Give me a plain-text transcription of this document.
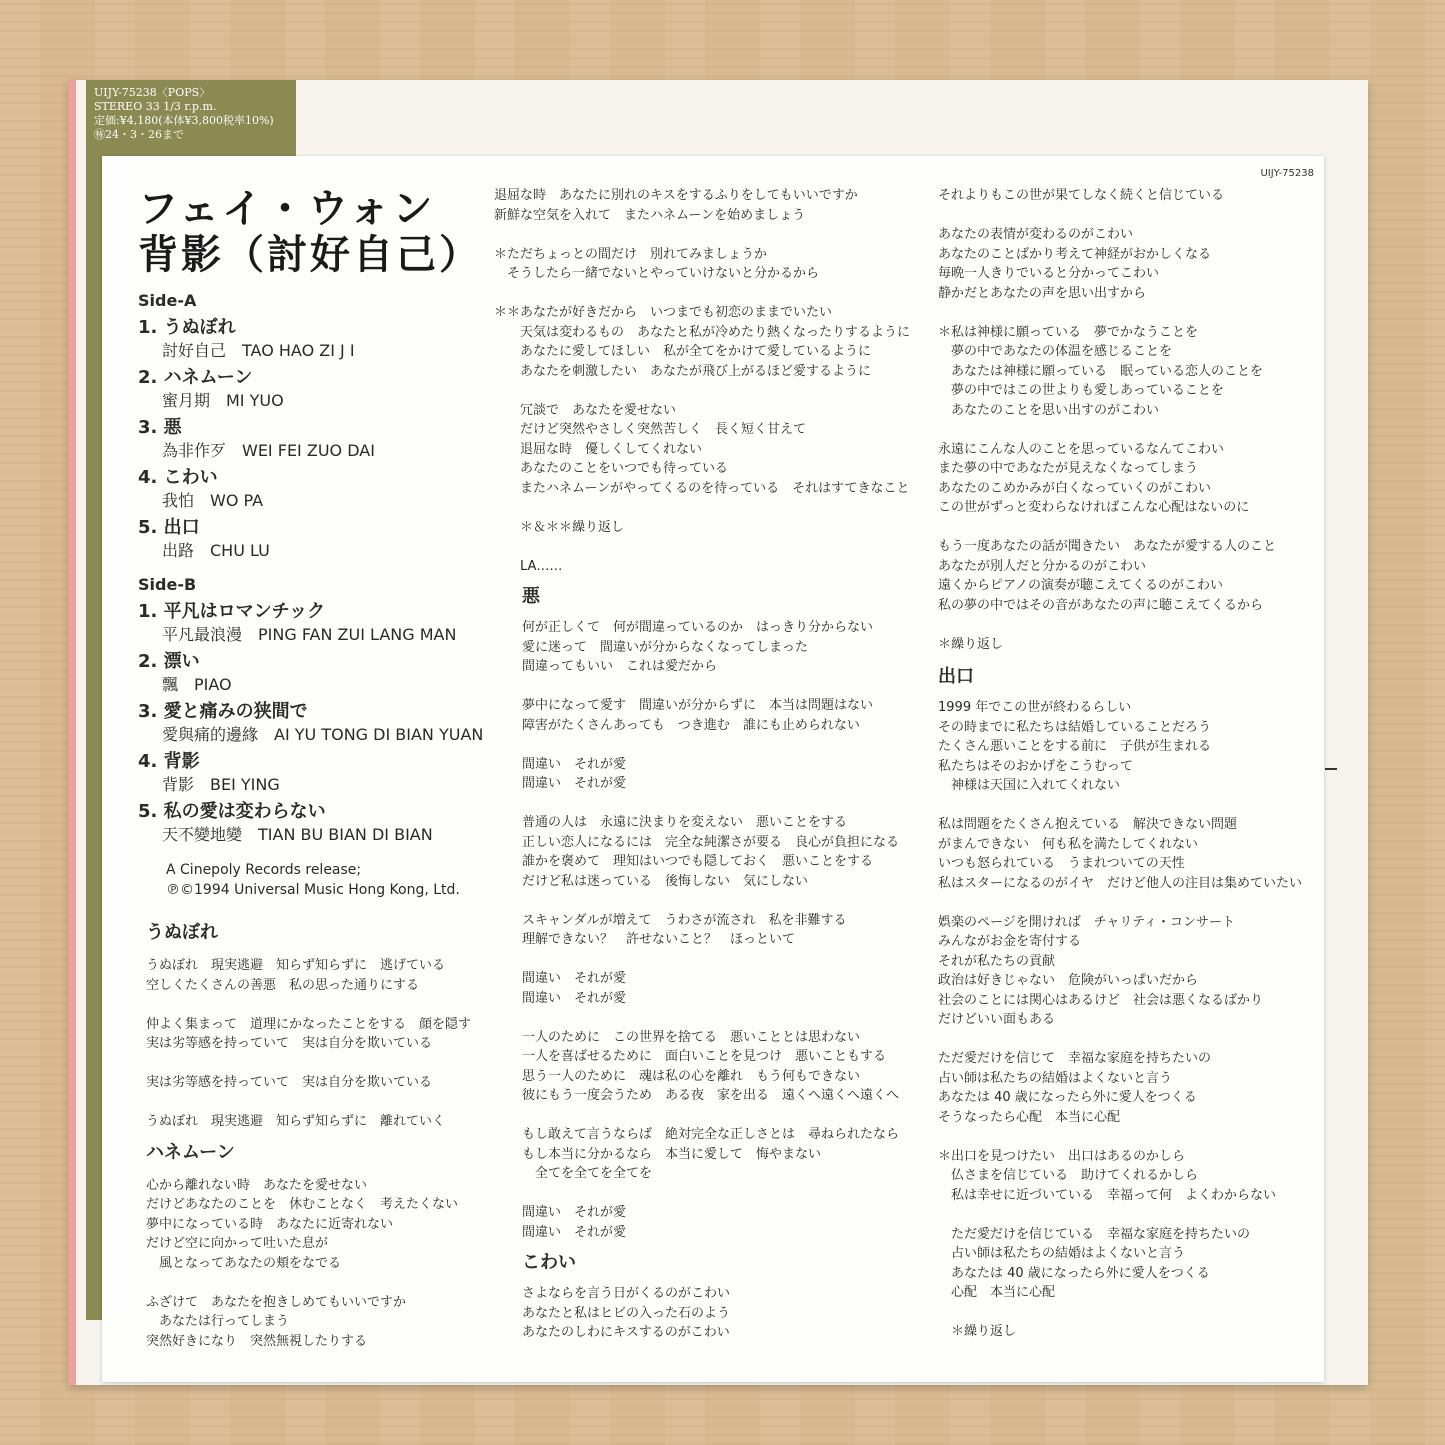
UIJY-75238〈POPS〉
STEREO 33 1/3 r.p.m.
定価:¥4,180(本体¥3,800税率10%)
㊕24・3・26まで
UIJY-75238
フェイ・ウォン
背影（討好自己）
Side-A
1. うぬぼれ
討好自己　TAO HAO ZI J I
2. ハネムーン
蜜月期　MI YUO
3. 悪
為非作歹　WEI FEI ZUO DAI
4. こわい
我怕　WO PA
5. 出口
出路　CHU LU
Side-B
1. 平凡はロマンチック
平凡最浪漫　PING FAN ZUI LANG MAN
2. 漂い
飄　PIAO
3. 愛と痛みの狭間で
愛與痛的邊緣　AI YU TONG DI BIAN YUAN
4. 背影
背影　BEI YING
5. 私の愛は変わらない
天不變地變　TIAN BU BIAN DI BIAN
A Cinepoly Records release;
℗©1994 Universal Music Hong Kong, Ltd.
うぬぼれ
うぬぼれ　現実逃避　知らず知らずに　逃げている
空しくたくさんの善悪　私の思った通りにする
仲よく集まって　道理にかなったことをする　顔を隠す
実は劣等感を持っていて　実は自分を欺いている
実は劣等感を持っていて　実は自分を欺いている
うぬぼれ　現実逃避　知らず知らずに　離れていく
ハネムーン
心から離れない時　あなたを愛せない
だけどあなたのことを　休むことなく　考えたくない
夢中になっている時　あなたに近寄れない
だけど空に向かって吐いた息が
　風となってあなたの頬をなでる
ふざけて　あなたを抱きしめてもいいですか
　あなたは行ってしまう
突然好きになり　突然無視したりする
退屈な時　あなたに別れのキスをするふりをしてもいいですか
新鮮な空気を入れて　またハネムーンを始めましょう
＊ただちょっとの間だけ　別れてみましょうか
　そうしたら一緒でないとやっていけないと分かるから
＊＊あなたが好きだから　いつまでも初恋のままでいたい
　　天気は変わるもの　あなたと私が冷めたり熱くなったりするように
　　あなたに愛してほしい　私が全てをかけて愛しているように
　　あなたを刺激したい　あなたが飛び上がるほど愛するように
　　冗談で　あなたを愛せない
　　だけど突然やさしく突然苦しく　長く短く甘えて
　　退屈な時　優しくしてくれない
　　あなたのことをいつでも待っている
　　またハネムーンがやってくるのを待っている　それはすてきなこと
　　＊＆＊＊繰り返し
　　LA……
悪
何が正しくて　何が間違っているのか　はっきり分からない
愛に迷って　間違いが分からなくなってしまった
間違ってもいい　これは愛だから
夢中になって愛す　間違いが分からずに　本当は問題はない
障害がたくさんあっても　つき進む　誰にも止められない
間違い　それが愛
間違い　それが愛
普通の人は　永遠に決まりを変えない　悪いことをする
正しい恋人になるには　完全な純潔さが要る　良心が負担になる
誰かを褒めて　理知はいつでも隠しておく　悪いことをする
だけど私は迷っている　後悔しない　気にしない
スキャンダルが増えて　うわさが流され　私を非難する
理解できない？　許せないこと？　ほっといて
間違い　それが愛
間違い　それが愛
一人のために　この世界を捨てる　悪いこととは思わない
一人を喜ばせるために　面白いことを見つけ　悪いこともする
思う一人のために　魂は私の心を離れ　もう何もできない
彼にもう一度会うため　ある夜　家を出る　遠くへ遠くへ遠くへ
もし敢えて言うならば　絶対完全な正しさとは　尋ねられたなら
もし本当に分かるなら　本当に愛して　悔やまない
　全てを全てを全てを
間違い　それが愛
間違い　それが愛
こわい
さよならを言う日がくるのがこわい
あなたと私はヒビの入った石のよう
あなたのしわにキスするのがこわい
それよりもこの世が果てしなく続くと信じている
あなたの表情が変わるのがこわい
あなたのことばかり考えて神経がおかしくなる
毎晩一人きりでいると分かってこわい
静かだとあなたの声を思い出すから
＊私は神様に願っている　夢でかなうことを
　夢の中であなたの体温を感じることを
　あなたは神様に願っている　眠っている恋人のことを
　夢の中ではこの世よりも愛しあっていることを
　あなたのことを思い出すのがこわい
永遠にこんな人のことを思っているなんてこわい
また夢の中であなたが見えなくなってしまう
あなたのこめかみが白くなっていくのがこわい
この世がずっと変わらなければこんな心配はないのに
もう一度あなたの話が聞きたい　あなたが愛する人のこと
あなたが別人だと分かるのがこわい
遠くからピアノの演奏が聴こえてくるのがこわい
私の夢の中ではその音があなたの声に聴こえてくるから
＊繰り返し
出口
1999 年でこの世が終わるらしい
その時までに私たちは結婚していることだろう
たくさん悪いことをする前に　子供が生まれる
私たちはそのおかげをこうむって
　神様は天国に入れてくれない
私は問題をたくさん抱えている　解決できない問題
がまんできない　何も私を満たしてくれない
いつも怒られている　うまれついての天性
私はスターになるのがイヤ　だけど他人の注目は集めていたい
娯楽のページを開ければ　チャリティ・コンサート
みんながお金を寄付する
それが私たちの貢献
政治は好きじゃない　危険がいっぱいだから
社会のことには関心はあるけど　社会は悪くなるばかり
だけどいい面もある
ただ愛だけを信じて　幸福な家庭を持ちたいの
占い師は私たちの結婚はよくないと言う
あなたは 40 歳になったら外に愛人をつくる
そうなったら心配　本当に心配
＊出口を見つけたい　出口はあるのかしら
　仏さまを信じている　助けてくれるかしら
　私は幸せに近づいている　幸福って何　よくわからない
　ただ愛だけを信じている　幸福な家庭を持ちたいの
　占い師は私たちの結婚はよくないと言う
　あなたは 40 歳になったら外に愛人をつくる
　心配　本当に心配
　＊繰り返し
